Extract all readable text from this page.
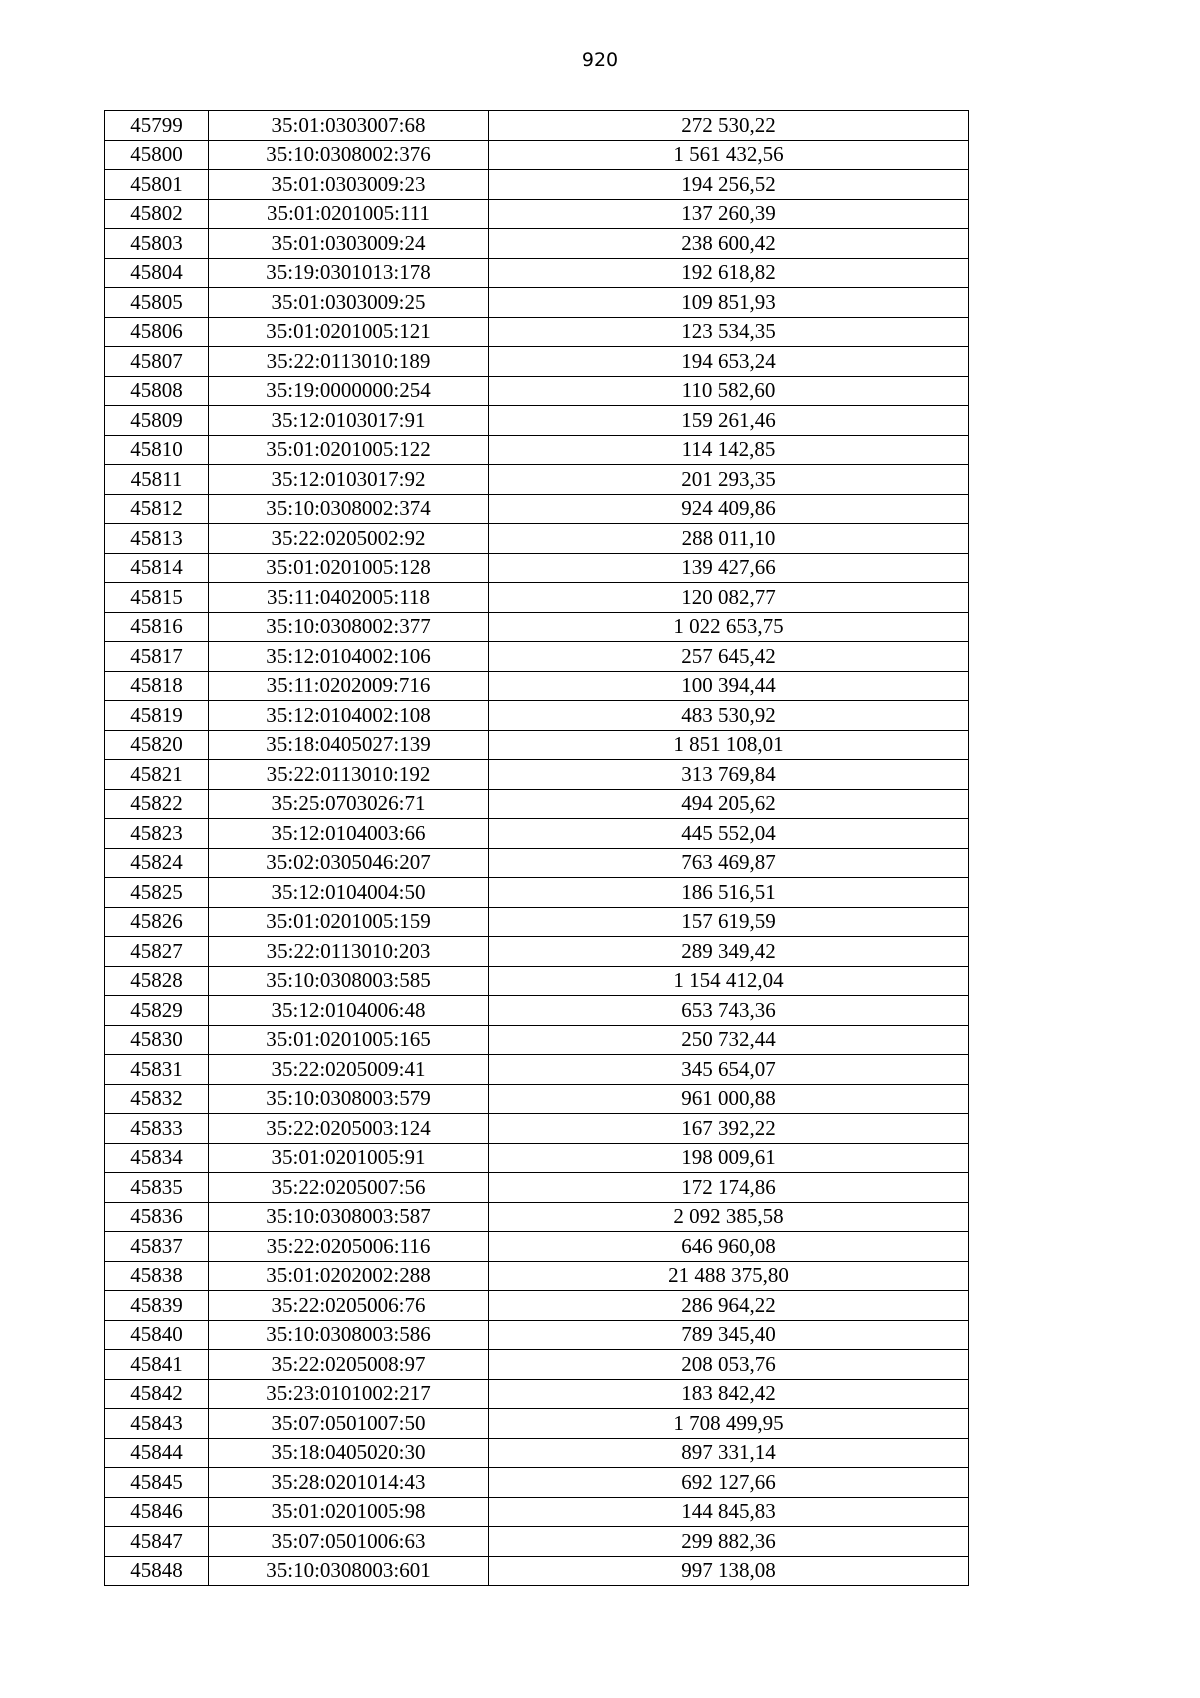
920
45799	35:01:0303007:68	272 530,22
45800	35:10:0308002:376	1 561 432,56
45801	35:01:0303009:23	194 256,52
45802	35:01:0201005:111	137 260,39
45803	35:01:0303009:24	238 600,42
45804	35:19:0301013:178	192 618,82
45805	35:01:0303009:25	109 851,93
45806	35:01:0201005:121	123 534,35
45807	35:22:0113010:189	194 653,24
45808	35:19:0000000:254	110 582,60
45809	35:12:0103017:91	159 261,46
45810	35:01:0201005:122	114 142,85
45811	35:12:0103017:92	201 293,35
45812	35:10:0308002:374	924 409,86
45813	35:22:0205002:92	288 011,10
45814	35:01:0201005:128	139 427,66
45815	35:11:0402005:118	120 082,77
45816	35:10:0308002:377	1 022 653,75
45817	35:12:0104002:106	257 645,42
45818	35:11:0202009:716	100 394,44
45819	35:12:0104002:108	483 530,92
45820	35:18:0405027:139	1 851 108,01
45821	35:22:0113010:192	313 769,84
45822	35:25:0703026:71	494 205,62
45823	35:12:0104003:66	445 552,04
45824	35:02:0305046:207	763 469,87
45825	35:12:0104004:50	186 516,51
45826	35:01:0201005:159	157 619,59
45827	35:22:0113010:203	289 349,42
45828	35:10:0308003:585	1 154 412,04
45829	35:12:0104006:48	653 743,36
45830	35:01:0201005:165	250 732,44
45831	35:22:0205009:41	345 654,07
45832	35:10:0308003:579	961 000,88
45833	35:22:0205003:124	167 392,22
45834	35:01:0201005:91	198 009,61
45835	35:22:0205007:56	172 174,86
45836	35:10:0308003:587	2 092 385,58
45837	35:22:0205006:116	646 960,08
45838	35:01:0202002:288	21 488 375,80
45839	35:22:0205006:76	286 964,22
45840	35:10:0308003:586	789 345,40
45841	35:22:0205008:97	208 053,76
45842	35:23:0101002:217	183 842,42
45843	35:07:0501007:50	1 708 499,95
45844	35:18:0405020:30	897 331,14
45845	35:28:0201014:43	692 127,66
45846	35:01:0201005:98	144 845,83
45847	35:07:0501006:63	299 882,36
45848	35:10:0308003:601	997 138,08
